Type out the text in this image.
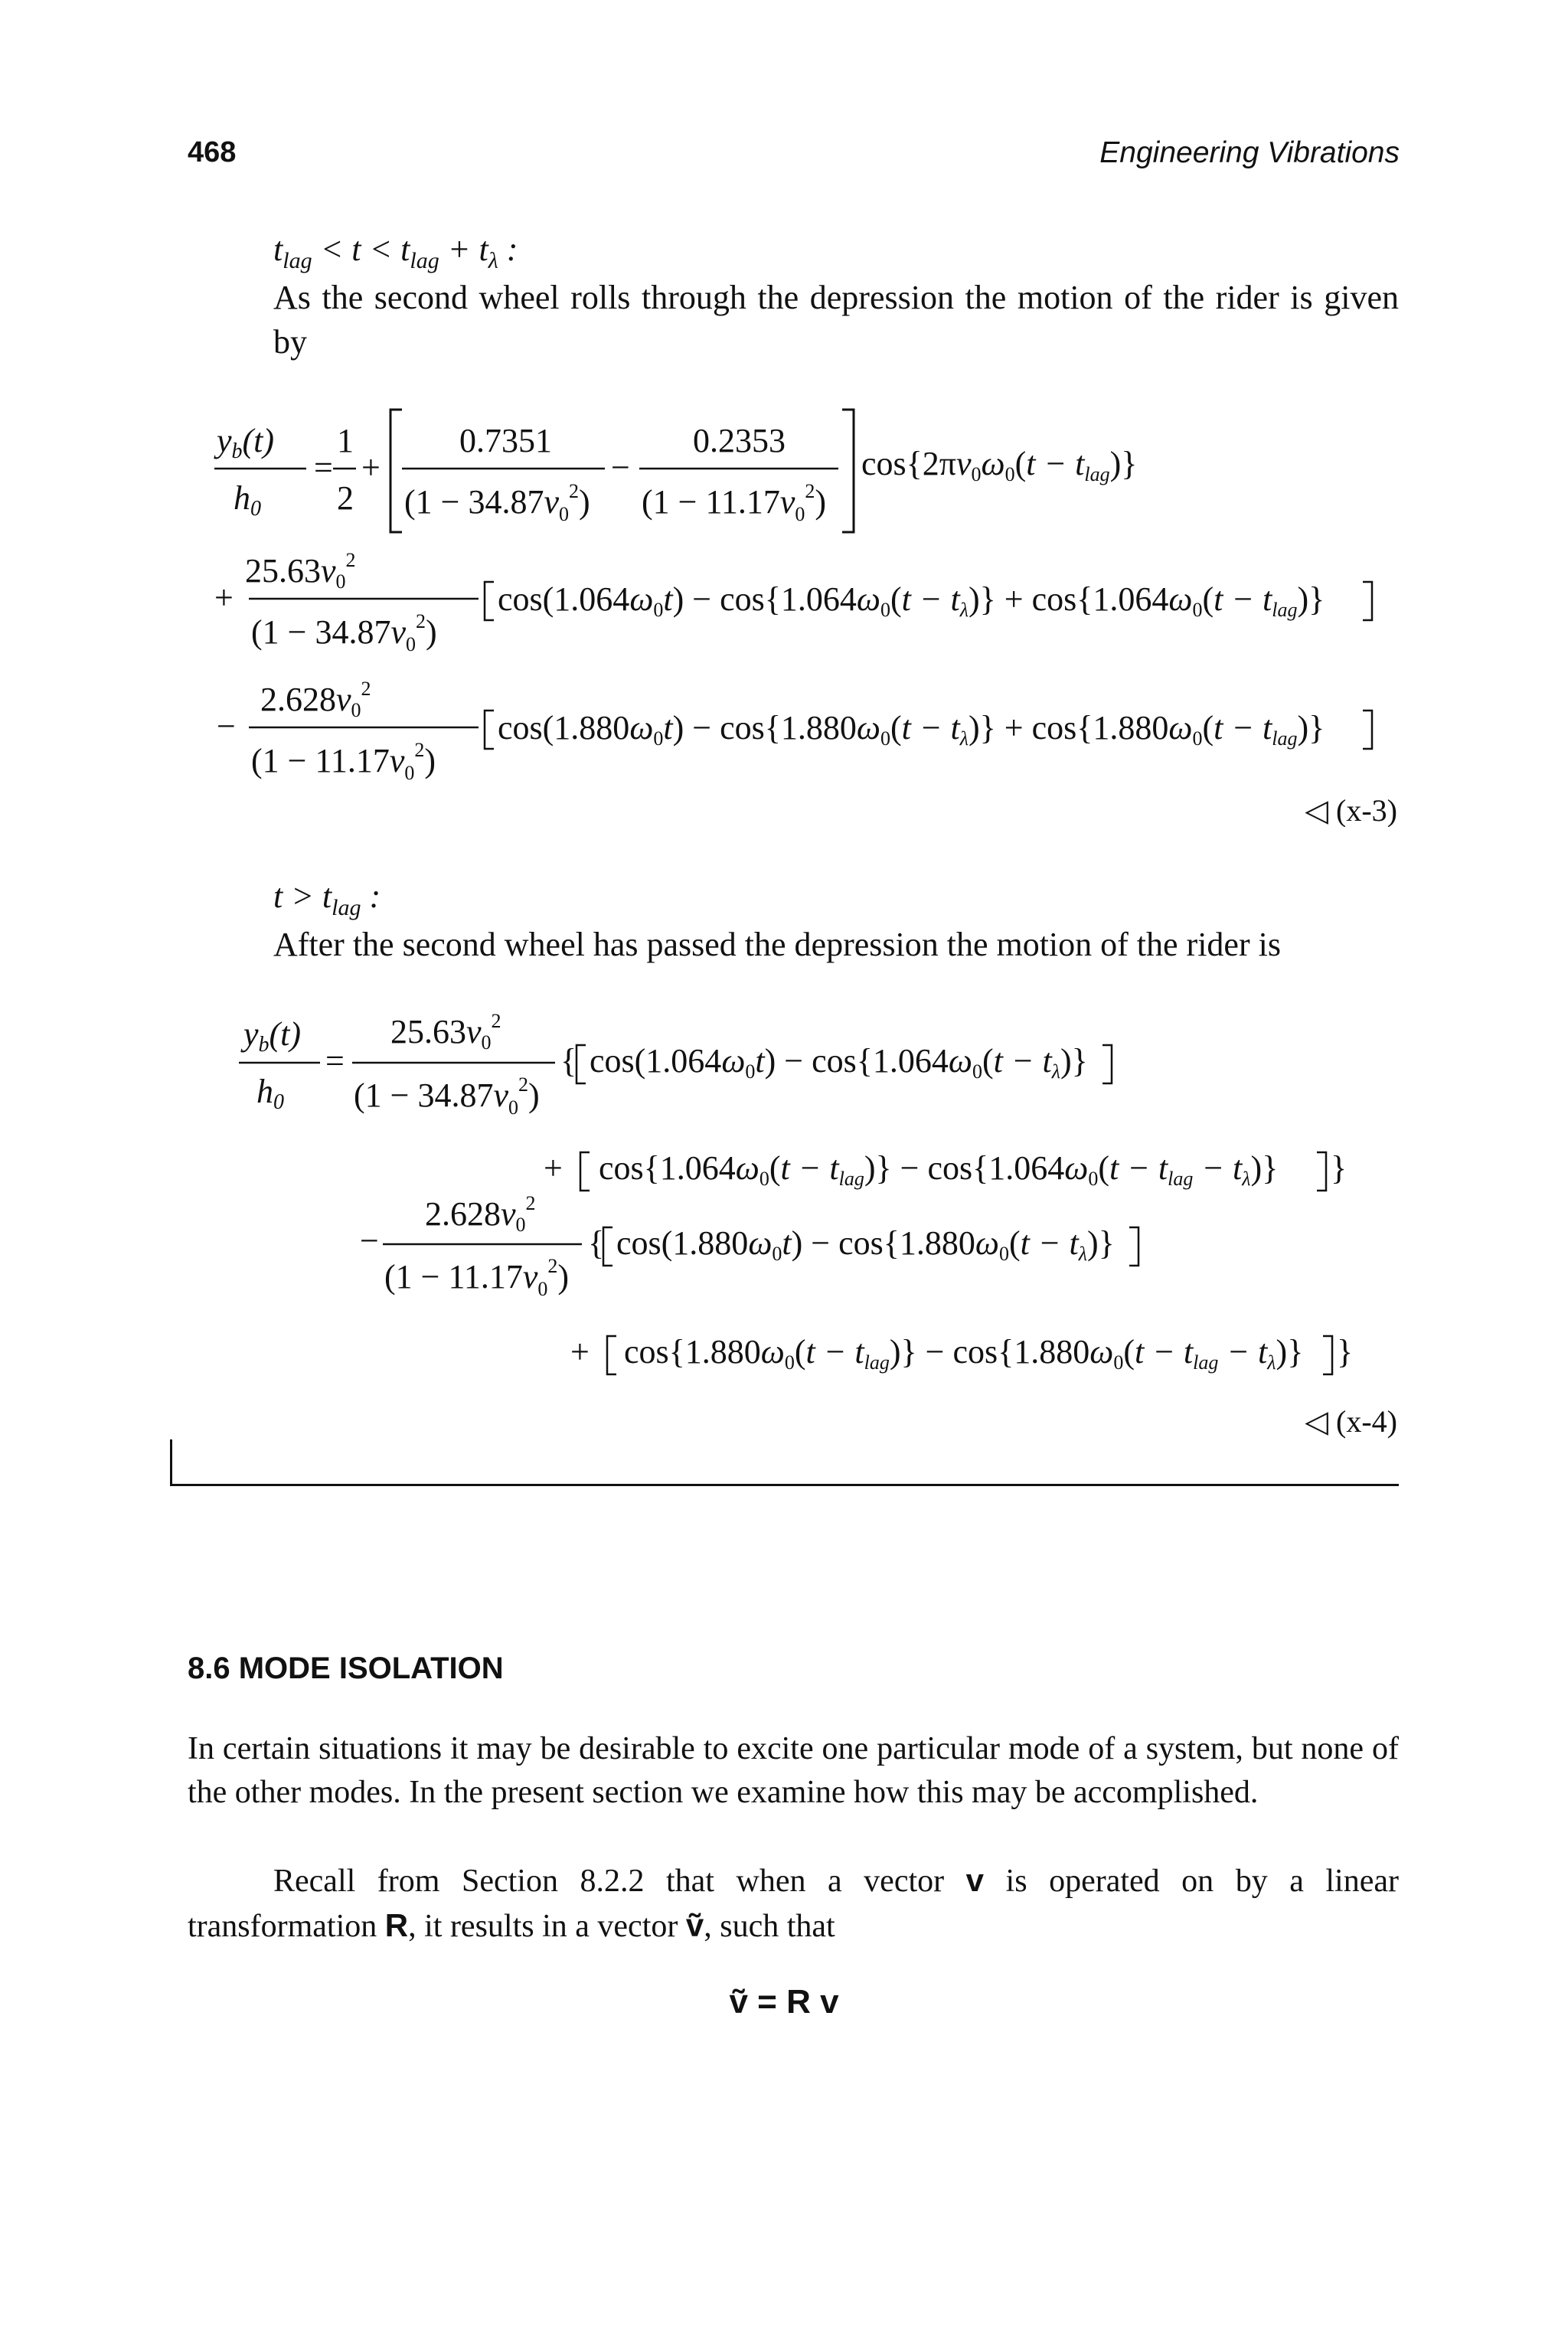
468	Engineering Vibrations
$t_{lag} < t < t_{lag} + t_\lambda$ :
As the second wheel rolls through the depression the motion of the rider is given by
yb(t)
h0
=
1
2
+
0.7351
$(1 - 34.87v_0^2)$
−
0.2353
$(1 - 11.17v_0^2)$
cos{2πv0ω0(t − tlag)}
$25.63v0^2$
+
$(1 - 34.87v_0^2)$
cos(1.064ω0t) − cos{1.064ω0(t − tλ)} + cos{1.064ω0(t − tlag)}
$2.628v0^2$
−
$(1 - 11.17v_0^2)$
cos(1.880ω0t) − cos{1.880ω0(t − tλ)} + cos{1.880ω0(t − tlag)}
◁ (x-3)
$t > t_{lag}$ :
After the second wheel has passed the depression the motion of the rider is
yb(t)
h0
=
$25.63v0^2$
$(1 - 34.87v_0^2)$
{ cos(1.064ω0t) − cos{1.064ω0(t − tλ)}
+ cos{1.064ω0(t − tlag)} − cos{1.064ω0(t − tlag − tλ)} }
−
$2.628v0^2$
$(1 - 11.17v_0^2)$
{ cos(1.880ω0t) − cos{1.880ω0(t − tλ)}
+ cos{1.880ω0(t − tlag)} − cos{1.880ω0(t − tlag − tλ)} }
◁ (x-4)
8.6 MODE ISOLATION
In certain situations it may be desirable to excite one particular mode of a system, but none of the other modes. In the present section we examine how this may be accomplished.
Recall from Section 8.2.2 that when a vector v is operated on by a linear transformation R, it results in a vector ṽ, such that
ṽ = R v
